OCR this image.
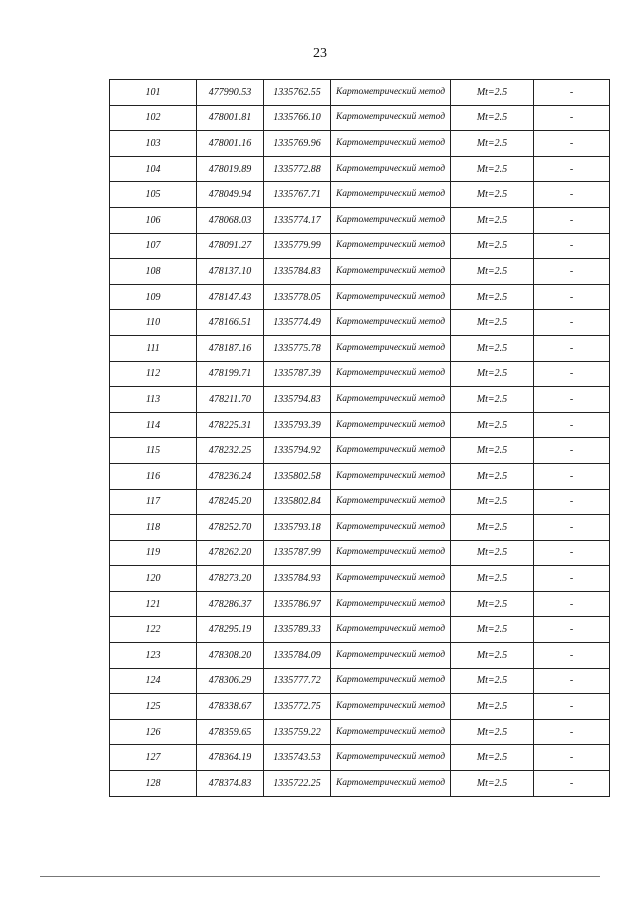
23
101	477990.53	1335762.55	Картометрический метод	Mt=2.5	-
102	478001.81	1335766.10	Картометрический метод	Mt=2.5	-
103	478001.16	1335769.96	Картометрический метод	Mt=2.5	-
104	478019.89	1335772.88	Картометрический метод	Mt=2.5	-
105	478049.94	1335767.71	Картометрический метод	Mt=2.5	-
106	478068.03	1335774.17	Картометрический метод	Mt=2.5	-
107	478091.27	1335779.99	Картометрический метод	Mt=2.5	-
108	478137.10	1335784.83	Картометрический метод	Mt=2.5	-
109	478147.43	1335778.05	Картометрический метод	Mt=2.5	-
110	478166.51	1335774.49	Картометрический метод	Mt=2.5	-
111	478187.16	1335775.78	Картометрический метод	Mt=2.5	-
112	478199.71	1335787.39	Картометрический метод	Mt=2.5	-
113	478211.70	1335794.83	Картометрический метод	Mt=2.5	-
114	478225.31	1335793.39	Картометрический метод	Mt=2.5	-
115	478232.25	1335794.92	Картометрический метод	Mt=2.5	-
116	478236.24	1335802.58	Картометрический метод	Mt=2.5	-
117	478245.20	1335802.84	Картометрический метод	Mt=2.5	-
118	478252.70	1335793.18	Картометрический метод	Mt=2.5	-
119	478262.20	1335787.99	Картометрический метод	Mt=2.5	-
120	478273.20	1335784.93	Картометрический метод	Mt=2.5	-
121	478286.37	1335786.97	Картометрический метод	Mt=2.5	-
122	478295.19	1335789.33	Картометрический метод	Mt=2.5	-
123	478308.20	1335784.09	Картометрический метод	Mt=2.5	-
124	478306.29	1335777.72	Картометрический метод	Mt=2.5	-
125	478338.67	1335772.75	Картометрический метод	Mt=2.5	-
126	478359.65	1335759.22	Картометрический метод	Mt=2.5	-
127	478364.19	1335743.53	Картометрический метод	Mt=2.5	-
128	478374.83	1335722.25	Картометрический метод	Mt=2.5	-
